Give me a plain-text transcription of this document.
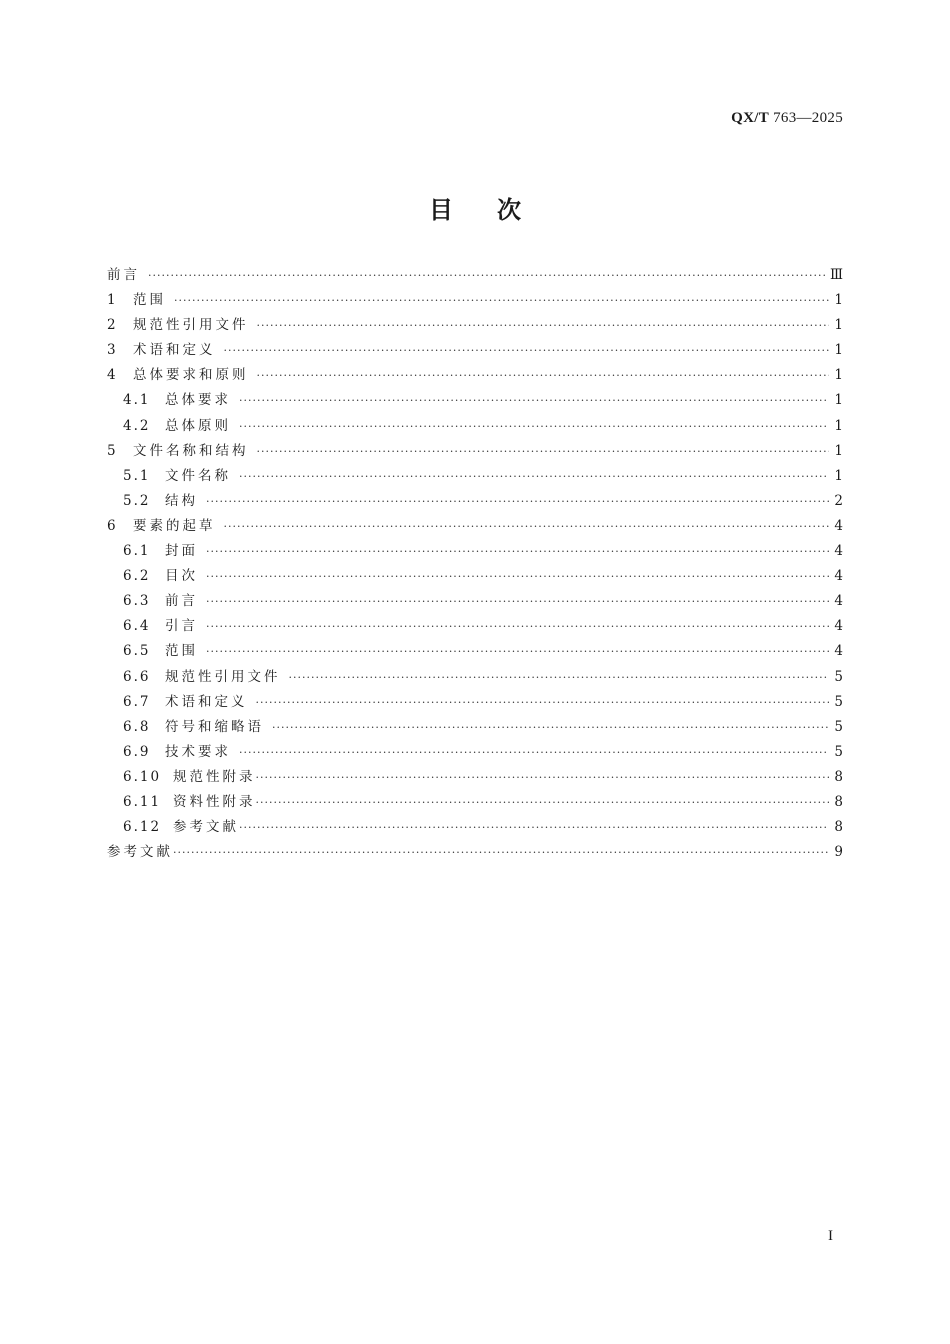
QX/T 763—2025
目 次
前言 ·····	Ⅲ
1	范围 ·····	1
2	规范性引用文件 ·····	1
3	术语和定义 ·····	1
4	总体要求和原则 ·····	1
4.1	总体要求 ·····	1
4.2	总体原则 ·····	1
5	文件名称和结构 ·····	1
5.1	文件名称 ·····	1
5.2	结构 ·····	2
6	要素的起草 ·····	4
6.1	封面 ·····	4
6.2	目次 ·····	4
6.3	前言 ·····	4
6.4	引言 ·····	4
6.5	范围 ·····	4
6.6	规范性引用文件 ·····	5
6.7	术语和定义 ·····	5
6.8	符号和缩略语 ·····	5
6.9	技术要求 ·····	5
6.10 规范性附录 ·····	8
6.11 资料性附录 ·····	8
6.12 参考文献 ·····	8
参考文献 ·····	9
I
